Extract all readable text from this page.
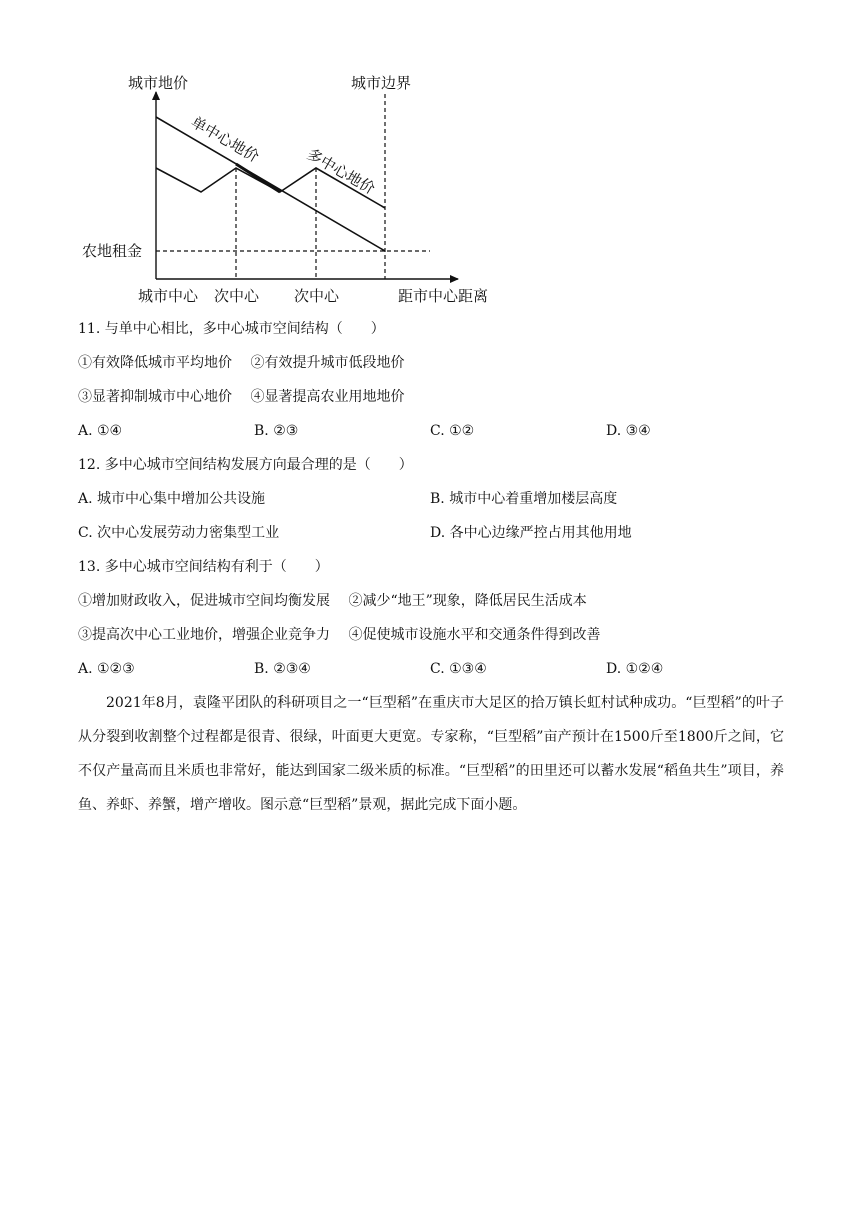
城市地价	城市边界
单中心地价
多中心地价
农地租金
城市中心 次中心 次中心	距市中心距离
11. 与单中心相比，多中心城市空间结构（　　）
①有效降低城市平均地价　 ②有效提升城市低段地价
③显著抑制城市中心地价　 ④显著提高农业用地地价
A. ①④	B. ②③	C. ①②	D. ③④
12. 多中心城市空间结构发展方向最合理的是（　　）
A. 城市中心集中增加公共设施	B. 城市中心着重增加楼层高度
C. 次中心发展劳动力密集型工业	D. 各中心边缘严控占用其他用地
13. 多中心城市空间结构有利于（　　）
①增加财政收入，促进城市空间均衡发展　 ②减少“地王”现象，降低居民生活成本
③提高次中心工业地价，增强企业竞争力　 ④促使城市设施水平和交通条件得到改善
A. ①②③	B. ②③④	C. ①③④	D. ①②④
2021年8月，袁隆平团队的科研项目之一“巨型稻”在重庆市大足区的拾万镇长虹村试种成功。“巨型稻”的叶子从分裂到收割整个过程都是很青、很绿，叶面更大更宽。专家称，“巨型稻”亩产预计在1500斤至1800斤之间，它不仅产量高而且米质也非常好，能达到国家二级米质的标准。“巨型稻”的田里还可以蓄水发展“稻鱼共生”项目，养鱼、养虾、养蟹，增产增收。图示意“巨型稻”景观，据此完成下面小题。
